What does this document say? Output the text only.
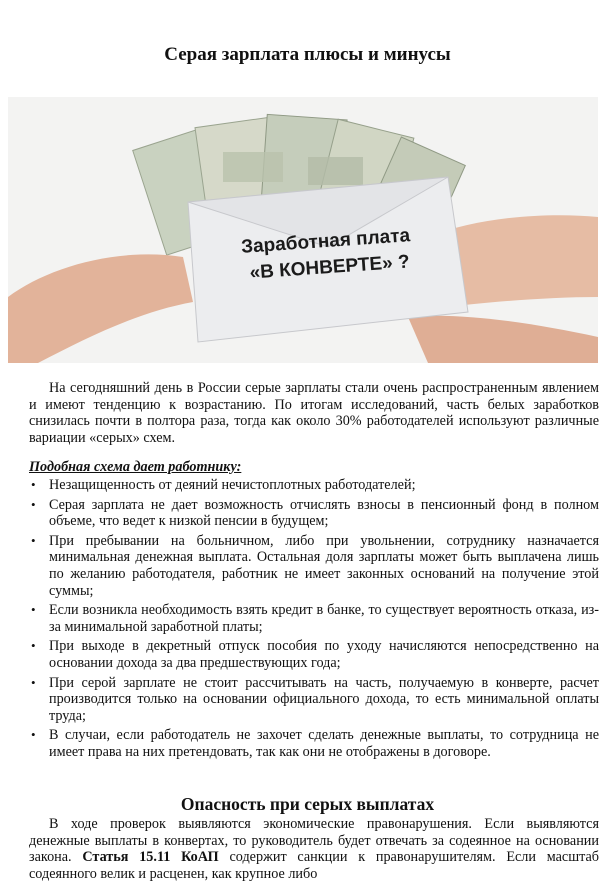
Серая зарплата плюсы и минусы
Заработная плата
«В КОНВЕРТЕ» ?

На сегодняшний день в России серые зарплаты стали очень распространенным явлением и имеют тенденцию к возрастанию. По итогам исследований, часть белых заработков снизилась почти в полтора раза, тогда как около 30% работодателей используют различные вариации «серых» схем.

Подобная схема дает работнику:
• Незащищенность от деяний нечистоплотных работодателей;
• Серая зарплата не дает возможность отчислять взносы в пенсионный фонд в полном объеме, что ведет к низкой пенсии в будущем;
• При пребывании на больничном, либо при увольнении, сотруднику назначается минимальная денежная выплата. Остальная доля зарплаты может быть выплачена лишь по желанию работодателя, работник не имеет законных оснований на получение этой суммы;
• Если возникла необходимость взять кредит в банке, то существует вероятность отказа, из-за минимальной заработной платы;
• При выходе в декретный отпуск пособия по уходу начисляются непосредственно на основании дохода за два предшествующих года;
• При серой зарплате не стоит рассчитывать на часть, получаемую в конверте, расчет производится только на основании официального дохода, то есть минимальной оплаты труда;
• В случаи, если работодатель не захочет сделать денежные выплаты, то сотрудница не имеет права на них претендовать, так как они не отображены в договоре.
Опасность при серых выплатах

В ходе проверок выявляются экономические правонарушения. Если выявляются денежные выплаты в конвертах, то руководитель будет отвечать за содеянное на основании закона. Статья 15.11 КоАП содержит санкции к правонарушителям. Если масштаб содеянного велик и расценен, как крупное либо
